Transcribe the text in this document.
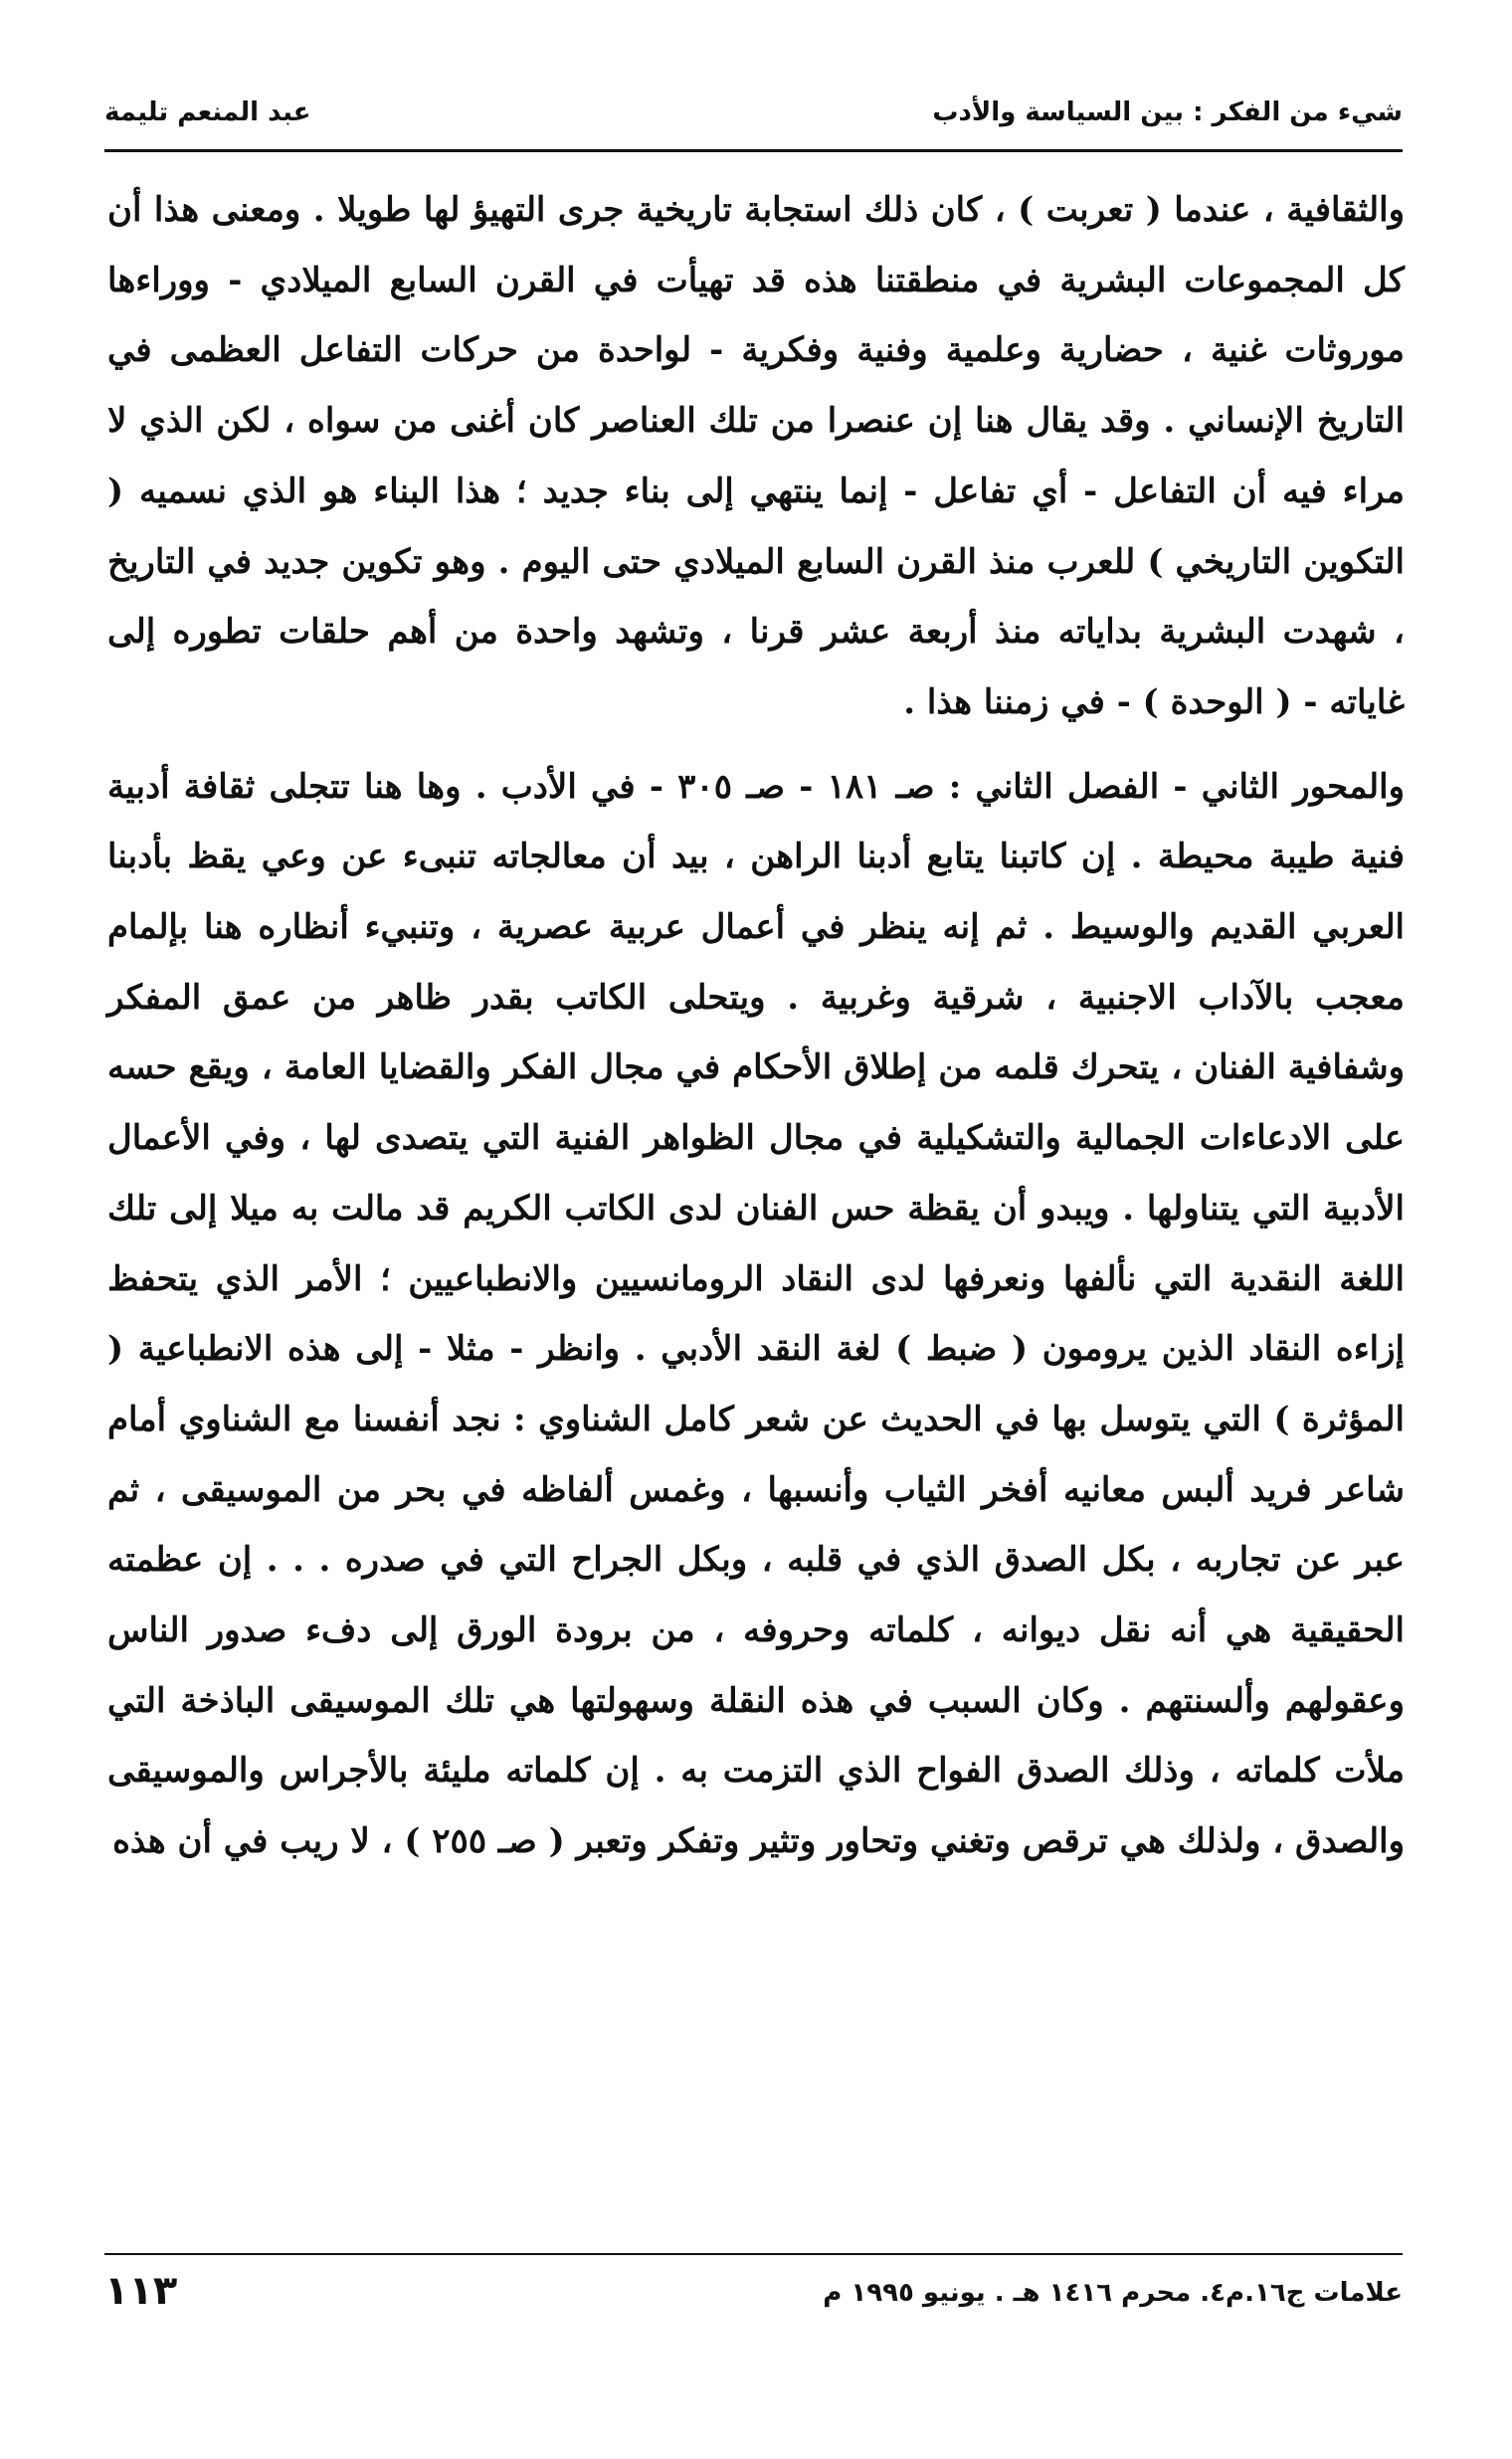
شيء من الفكر : بين السياسة والأدب
عبد المنعم تليمة

والثقافية ، عندما ( تعربت ) ، كان ذلك استجابة تاريخية جرى التهيؤ لها طويلا . ومعنى هذا أن كل المجموعات البشرية في منطقتنا هذه قد تهيأت في القرن السابع الميلادي - ووراءها موروثات غنية ، حضارية وعلمية وفنية وفكرية - لواحدة من حركات التفاعل العظمى في التاريخ الإنساني . وقد يقال هنا إن عنصرا من تلك العناصر كان أغنى من سواه ، لكن الذي لا مراء فيه أن التفاعل - أي تفاعل - إنما ينتهي إلى بناء جديد ؛ هذا البناء هو الذي نسميه ( التكوين التاريخي ) للعرب منذ القرن السابع الميلادي حتى اليوم . وهو تكوين جديد في التاريخ ، شهدت البشرية بداياته منذ أربعة عشر قرنا ، وتشهد واحدة من أهم حلقات تطوره إلى غاياته - ( الوحدة ) - في زمننا هذا .

والمحور الثاني - الفصل الثاني : صـ ١٨١ - صـ ٣٠٥ - في الأدب . وها هنا تتجلى ثقافة أدبية فنية طيبة محيطة . إن كاتبنا يتابع أدبنا الراهن ، بيد أن معالجاته تنبىء عن وعي يقظ بأدبنا العربي القديم والوسيط . ثم إنه ينظر في أعمال عربية عصرية ، وتنبيء أنظاره هنا بإلمام معجب بالآداب الاجنبية ، شرقية وغربية . ويتحلى الكاتب بقدر ظاهر من عمق المفكر وشفافية الفنان ، يتحرك قلمه من إطلاق الأحكام في مجال الفكر والقضايا العامة ، ويقع حسه على الادعاءات الجمالية والتشكيلية في مجال الظواهر الفنية التي يتصدى لها ، وفي الأعمال الأدبية التي يتناولها . ويبدو أن يقظة حس الفنان لدى الكاتب الكريم قد مالت به ميلا إلى تلك اللغة النقدية التي نألفها ونعرفها لدى النقاد الرومانسيين والانطباعيين ؛ الأمر الذي يتحفظ إزاءه النقاد الذين يرومون ( ضبط ) لغة النقد الأدبي . وانظر - مثلا - إلى هذه الانطباعية ( المؤثرة ) التي يتوسل بها في الحديث عن شعر كامل الشناوي : نجد أنفسنا مع الشناوي أمام شاعر فريد ألبس معانيه أفخر الثياب وأنسبها ، وغمس ألفاظه في بحر من الموسيقى ، ثم عبر عن تجاربه ، بكل الصدق الذي في قلبه ، وبكل الجراح التي في صدره . . . إن عظمته الحقيقية هي أنه نقل ديوانه ، كلماته وحروفه ، من برودة الورق إلى دفء صدور الناس وعقولهم وألسنتهم . وكان السبب في هذه النقلة وسهولتها هي تلك الموسيقى الباذخة التي ملأت كلماته ، وذلك الصدق الفواح الذي التزمت به . إن كلماته مليئة بالأجراس والموسيقى والصدق ، ولذلك هي ترقص وتغني وتحاور وتثير وتفكر وتعبر ( صـ ٢٥٥ ) ، لا ريب في أن هذه

علامات ج١٦.م٤. محرم ١٤١٦ هـ . يونيو ١٩٩٥ م
١١٣
